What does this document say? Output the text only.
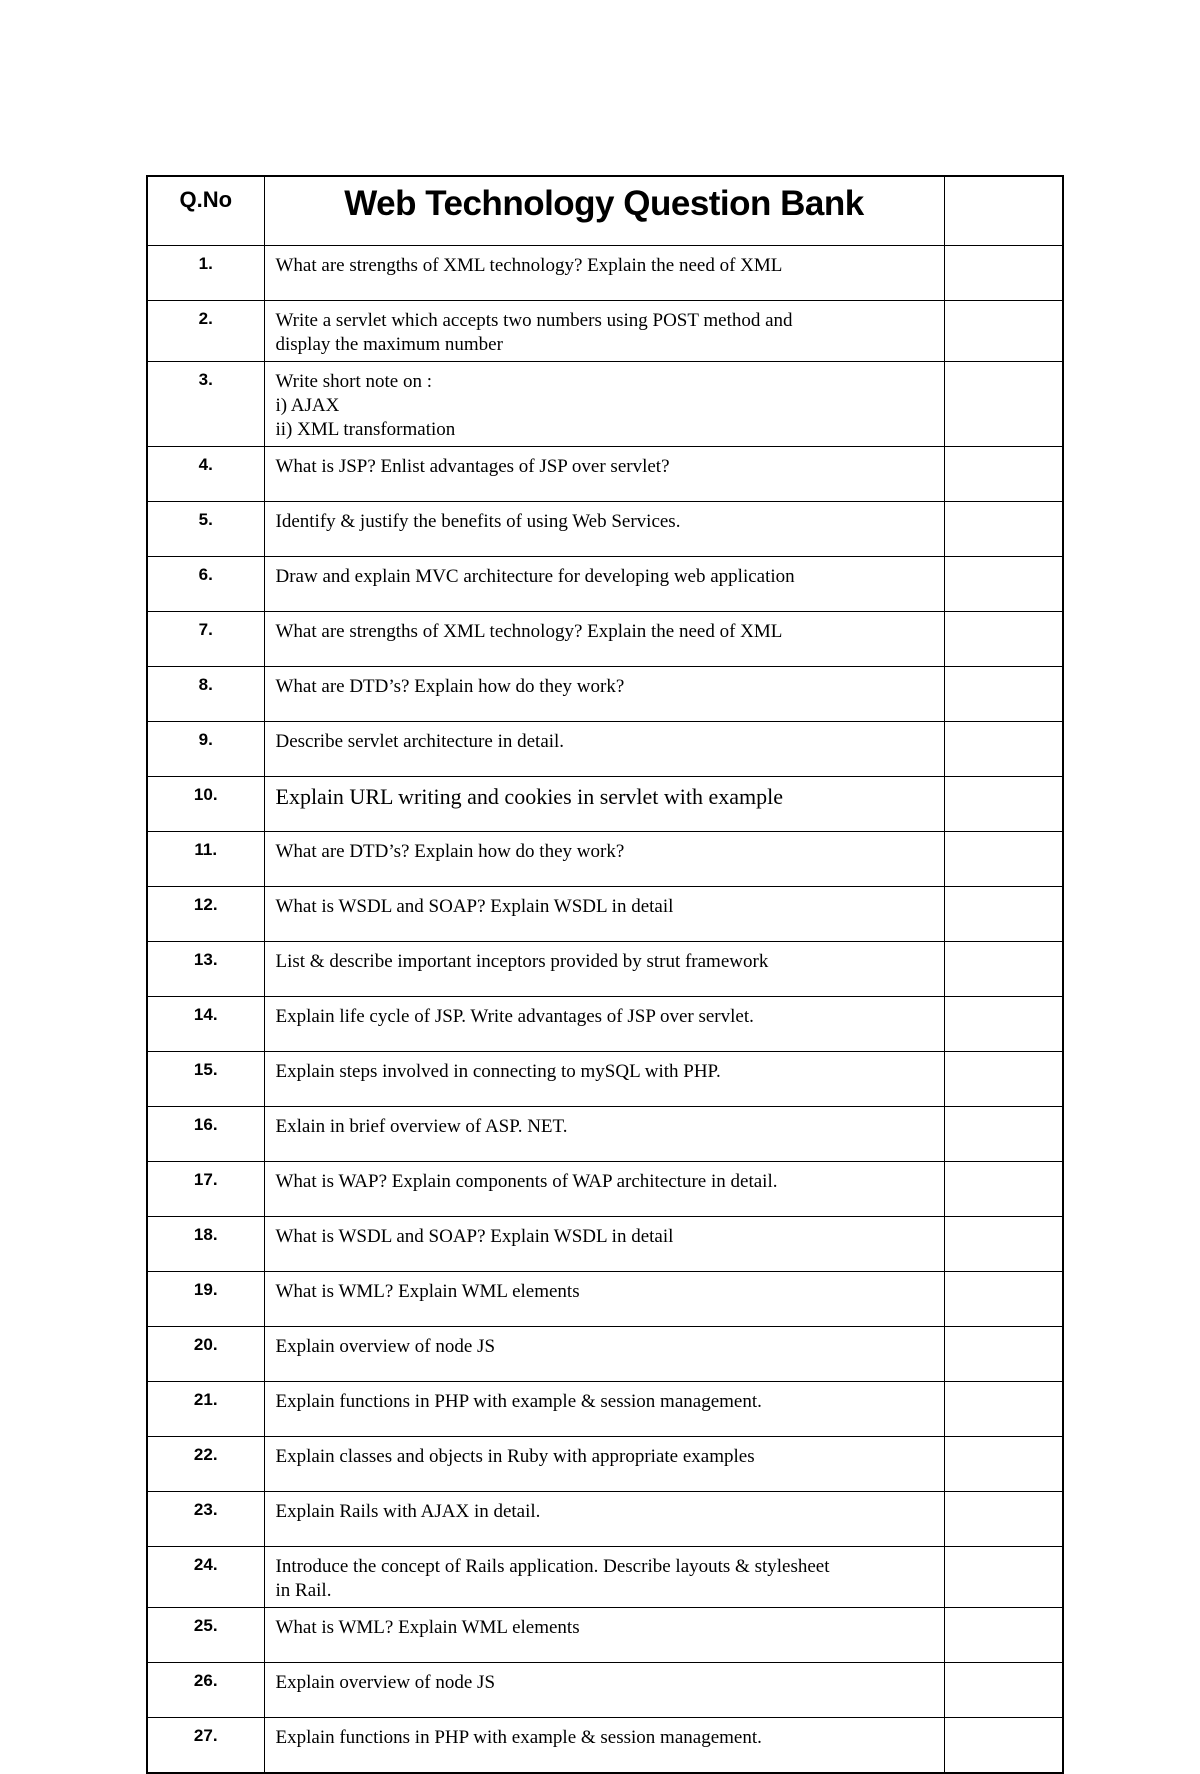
Q.No	Web Technology Question Bank	
1.	What are strengths of XML technology? Explain the need of XML	
2.	Write a servlet which accepts two numbers using POST method and
display the maximum number	
3.	Write short note on :
i) AJAX
ii) XML transformation	
4.	What is JSP? Enlist advantages of JSP over servlet?	
5.	Identify & justify the benefits of using Web Services.	
6.	Draw and explain MVC architecture for developing web application	
7.	What are strengths of XML technology? Explain the need of XML	
8.	What are DTD’s? Explain how do they work?	
9.	Describe servlet architecture in detail.	
10.	Explain URL writing and cookies in servlet with example	
11.	What are DTD’s? Explain how do they work?	
12.	What is WSDL and SOAP? Explain WSDL in detail	
13.	List & describe important inceptors provided by strut framework	
14.	Explain life cycle of JSP. Write advantages of JSP over servlet.	
15.	Explain steps involved in connecting to mySQL with PHP.	
16.	Exlain in brief overview of ASP. NET.	
17.	What is WAP? Explain components of WAP architecture in detail.	
18.	What is WSDL and SOAP? Explain WSDL in detail	
19.	What is WML? Explain WML elements	
20.	Explain overview of node JS	
21.	Explain functions in PHP with example & session management.	
22.	Explain classes and objects in Ruby with appropriate examples	
23.	Explain Rails with AJAX in detail.	
24.	Introduce the concept of Rails application. Describe layouts & stylesheet
in Rail.	
25.	What is WML? Explain WML elements	
26.	Explain overview of node JS	
27.	Explain functions in PHP with example & session management.	
